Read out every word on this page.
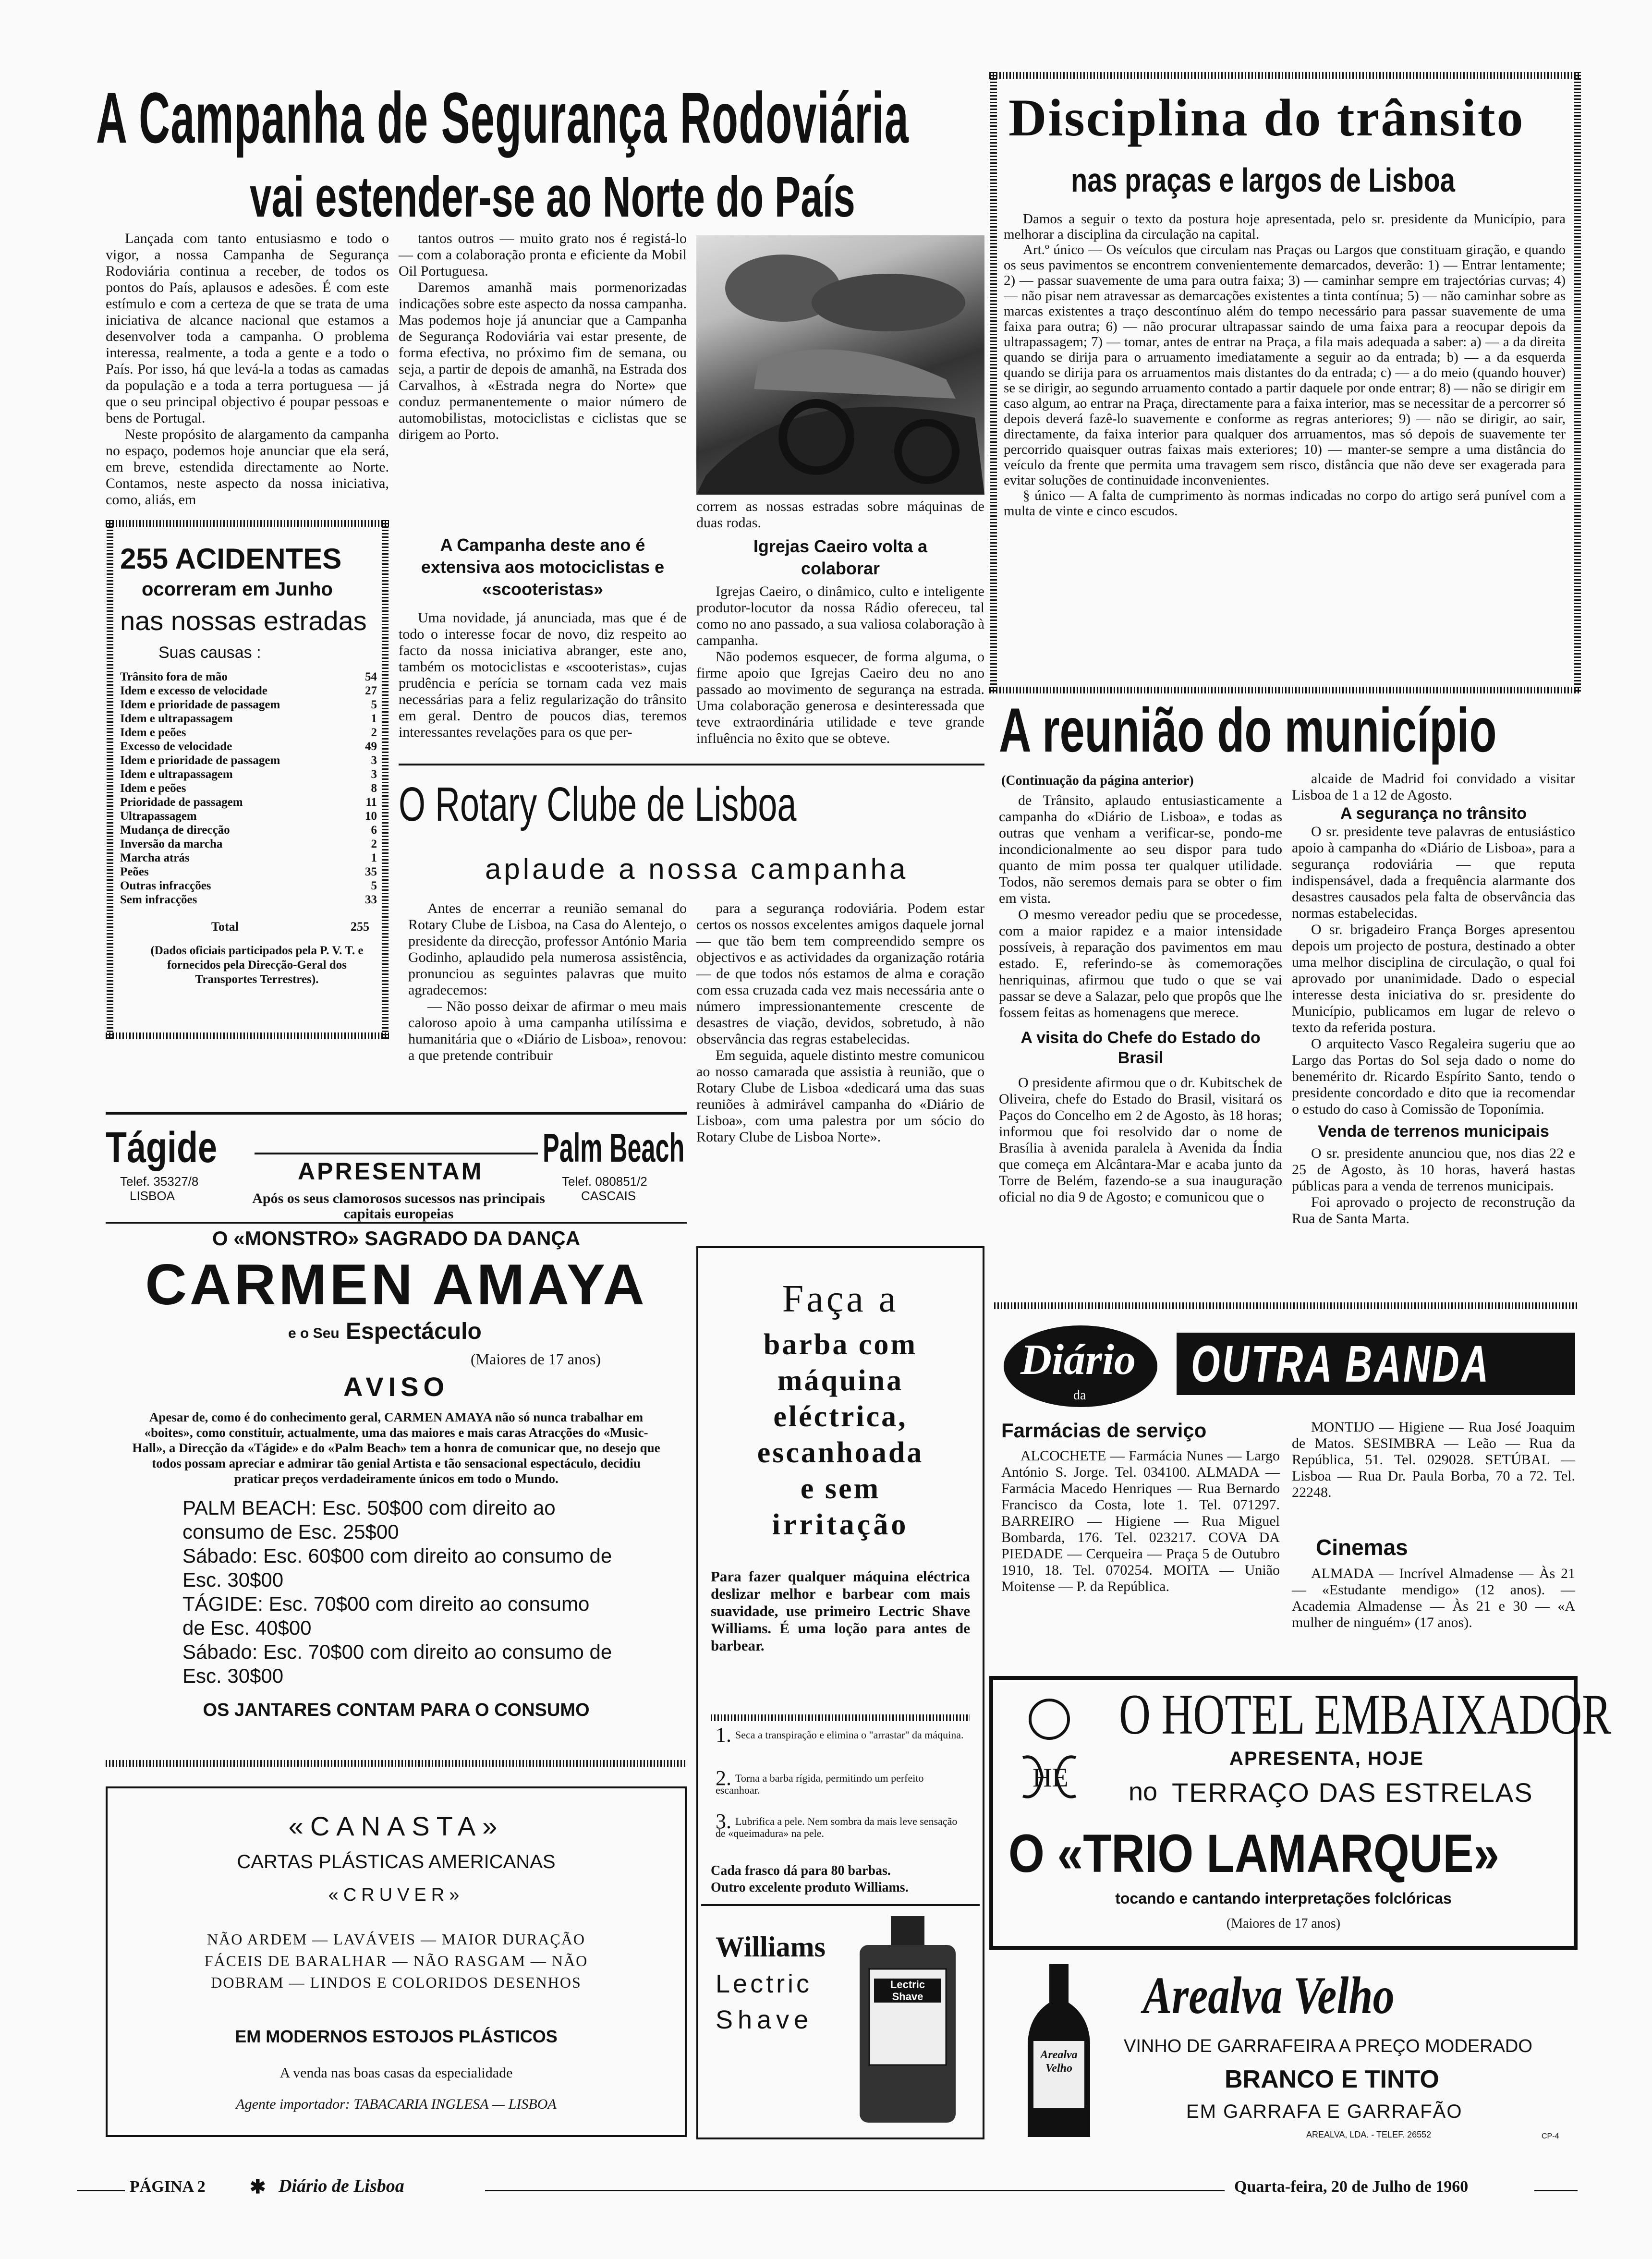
A Campanha de Segurança Rodoviária
vai estender-se ao Norte do País

Lançada com tanto entusiasmo e todo o vigor, a nossa Campanha de Segurança Rodoviária continua a receber, de todos os pontos do País, aplausos e adesões. É com este estímulo e com a certeza de que se trata de uma iniciativa de alcance nacional que estamos a desenvolver toda a campanha. O problema interessa, realmente, a toda a gente e a todo o País. Por isso, há que levá-la a todas as camadas da população e a toda a terra portuguesa — já que o seu principal objectivo é poupar pessoas e bens de Portugal.

Neste propósito de alargamento da campanha no espaço, podemos hoje anunciar que ela será, em breve, estendida directamente ao Norte. Contamos, neste aspecto da nossa iniciativa, como, aliás, em

tantos outros — muito grato nos é registá-lo — com a colaboração pronta e eficiente da Mobil Oil Portuguesa.

Daremos amanhã mais pormenorizadas indicações sobre este aspecto da nossa campanha. Mas podemos hoje já anunciar que a Campanha de Segurança Rodoviária vai estar presente, de forma efectiva, no próximo fim de semana, ou seja, a partir de depois de amanhã, na Estrada dos Carvalhos, à «Estrada negra do Norte» que conduz permanentemente o maior número de automobilistas, motociclistas e ciclistas que se dirigem ao Porto.

correm as nossas estradas sobre máquinas de duas rodas.
A Campanha deste ano é extensiva aos motociclistas e «scooteristas»

Uma novidade, já anunciada, mas que é de todo o interesse focar de novo, diz respeito ao facto da nossa iniciativa abranger, este ano, também os motociclistas e «scooteristas», cujas prudência e perícia se tornam cada vez mais necessárias para a feliz regularização do trânsito em geral. Dentro de poucos dias, teremos interessantes revelações para os que per-

Igrejas Caeiro volta a colaborar

Igrejas Caeiro, o dinâmico, culto e inteligente produtor-locutor da nossa Rádio ofereceu, tal como no ano passado, a sua valiosa colaboração à campanha.

Não podemos esquecer, de forma alguma, o firme apoio que Igrejas Caeiro deu no ano passado ao movimento de segurança na estrada. Uma colaboração generosa e desinteressada que teve extraordinária utilidade e teve grande influência no êxito que se obteve.

255 ACIDENTES
ocorreram em Junho
nas nossas estradas
Suas causas :
Trânsito fora de mão	54
Idem e excesso de velocidade	27
Idem e prioridade de passagem	5
Idem e ultrapassagem	1
Idem e peões	2
Excesso de velocidade	49
Idem e prioridade de passagem	3
Idem e ultrapassagem	3
Idem e peões	8
Prioridade de passagem	11
Ultrapassagem	10
Mudança de direcção	6
Inversão da marcha	2
Marcha atrás	1
Peões	35
Outras infracções	5
Sem infracções	33
Total	255
(Dados oficiais participados pela P. V. T. e fornecidos pela Direcção-Geral dos Transportes Terrestres).
O Rotary Clube de Lisboa
aplaude a nossa campanha

Antes de encerrar a reunião semanal do Rotary Clube de Lisboa, na Casa do Alentejo, o presidente da direcção, professor António Maria Godinho, aplaudido pela numerosa assistência, pronunciou as seguintes palavras que muito agradecemos:

— Não posso deixar de afirmar o meu mais caloroso apoio à uma campanha utilíssima e humanitária que o «Diário de Lisboa», renovou: a que pretende contribuir

para a segurança rodoviária. Podem estar certos os nossos excelentes amigos daquele jornal — que tão bem tem compreendido sempre os objectivos e as actividades da organização rotária — de que todos nós estamos de alma e coração com essa cruzada cada vez mais necessária ante o número impressionantemente crescente de desastres de viação, devidos, sobretudo, à não observância das regras estabelecidas.

Em seguida, aquele distinto mestre comunicou ao nosso camarada que assistia à reunião, que o Rotary Clube de Lisboa «dedicará uma das suas reuniões à admirável campanha do «Diário de Lisboa», com uma palestra por um sócio do Rotary Clube de Lisboa Norte».

Tágide
Telef. 35327/8
LISBOA
APRESENTAM
Após os seus clamorosos sucessos nas principais capitais europeias
Palm Beach
Telef. 080851/2
CASCAIS
O «MONSTRO» SAGRADO DA DANÇA
CARMEN AMAYA
e o Seu Espectáculo
(Maiores de 17 anos)
AVISO
Apesar de, como é do conhecimento geral, CARMEN AMAYA não só nunca trabalhar em «boites», como constituir, actualmente, uma das maiores e mais caras Atracções do «Music-Hall», a Direcção da «Tágide» e do «Palm Beach» tem a honra de comunicar que, no desejo que todos possam apreciar e admirar tão genial Artista e tão sensacional espectáculo, decidiu praticar preços verdadeiramente únicos em todo o Mundo.
PALM BEACH: Esc. 50$00 com direito ao consumo de Esc. 25$00
Sábado: Esc. 60$00 com direito ao consumo de Esc. 30$00
TÁGIDE: Esc. 70$00 com direito ao consumo de Esc. 40$00
Sábado: Esc. 70$00 com direito ao consumo de Esc. 30$00
OS JANTARES CONTAM PARA O CONSUMO
«CANASTA»
CARTAS PLÁSTICAS AMERICANAS
«CRUVER»
NÃO ARDEM — LAVÁVEIS — MAIOR DURAÇÃO
FÁCEIS DE BARALHAR — NÃO RASGAM — NÃO
DOBRAM — LINDOS E COLORIDOS DESENHOS
EM MODERNOS ESTOJOS PLÁSTICOS
A venda nas boas casas da especialidade
Agente importador: TABACARIA INGLESA — LISBOA
Faça a
barba com
máquina
eléctrica,
escanhoada
e sem
irritação
Para fazer qualquer máquina eléctrica deslizar melhor e barbear com mais suavidade, use primeiro Lectric Shave Williams. É uma loção para antes de barbear.
1. Seca a transpiração e elimina o "arrastar" da máquina.
2. Torna a barba rígida, permitindo um perfeito escanhoar.
3. Lubrifica a pele. Nem sombra da mais leve sensação de «queimadura» na pele.
Cada frasco dá para 80 barbas.
Outro excelente produto Williams.
Williams
Lectric
Shave
Lectric Shave
Disciplina do trânsito
nas praças e largos de Lisboa

Damos a seguir o texto da postura hoje apresentada, pelo sr. presidente da Município, para melhorar a disciplina da circulação na capital.

Art.º único — Os veículos que circulam nas Praças ou Largos que constituam giração, e quando os seus pavimentos se encontrem convenientemente demarcados, deverão: 1) — Entrar lentamente; 2) — passar suavemente de uma para outra faixa; 3) — caminhar sempre em trajectórias curvas; 4) — não pisar nem atravessar as demarcações existentes a tinta contínua; 5) — não caminhar sobre as marcas existentes a traço descontínuo além do tempo necessário para passar suavemente de uma faixa para outra; 6) — não procurar ultrapassar saindo de uma faixa para a reocupar depois da ultrapassagem; 7) — tomar, antes de entrar na Praça, a fila mais adequada a saber: a) — a da direita quando se dirija para o arruamento imediatamente a seguir ao da entrada; b) — a da esquerda quando se dirija para os arruamentos mais distantes do da entrada; c) — a do meio (quando houver) se se dirigir, ao segundo arruamento contado a partir daquele por onde entrar; 8) — não se dirigir em caso algum, ao entrar na Praça, directamente para a faixa interior, mas se necessitar de a percorrer só depois deverá fazê-lo suavemente e conforme as regras anteriores; 9) — não se dirigir, ao sair, directamente, da faixa interior para qualquer dos arruamentos, mas só depois de suavemente ter percorrido quaisquer outras faixas mais exteriores; 10) — manter-se sempre a uma distância do veículo da frente que permita uma travagem sem risco, distância que não deve ser exagerada para evitar soluções de continuidade inconvenientes.

§ único — A falta de cumprimento às normas indicadas no corpo do artigo será punível com a multa de vinte e cinco escudos.

A reunião do município
(Continuação da página anterior)

de Trânsito, aplaudo entusiasticamente a campanha do «Diário de Lisboa», e todas as outras que venham a verificar-se, pondo-me incondicionalmente ao seu dispor para tudo quanto de mim possa ter qualquer utilidade. Todos, não seremos demais para se obter o fim em vista.

O mesmo vereador pediu que se procedesse, com a maior rapidez e a maior intensidade possíveis, à reparação dos pavimentos em mau estado. E, referindo-se às comemorações henriquinas, afirmou que tudo o que se vai passar se deve a Salazar, pelo que propôs que lhe fossem feitas as homenagens que merece.

A visita do Chefe do Estado do Brasil

O presidente afirmou que o dr. Kubitschek de Oliveira, chefe do Estado do Brasil, visitará os Paços do Concelho em 2 de Agosto, às 18 horas; informou que foi resolvido dar o nome de Brasília à avenida paralela à Avenida da Índia que começa em Alcântara-Mar e acaba junto da Torre de Belém, fazendo-se a sua inauguração oficial no dia 9 de Agosto; e comunicou que o

alcaide de Madrid foi convidado a visitar Lisboa de 1 a 12 de Agosto.

A segurança no trânsito

O sr. presidente teve palavras de entusiástico apoio à campanha do «Diário de Lisboa», para a segurança rodoviária — que reputa indispensável, dada a frequência alarmante dos desastres causados pela falta de observância das normas estabelecidas.

O sr. brigadeiro França Borges apresentou depois um projecto de postura, destinado a obter uma melhor disciplina de circulação, o qual foi aprovado por unanimidade. Dado o especial interesse desta iniciativa do sr. presidente do Município, publicamos em lugar de relevo o texto da referida postura.

O arquitecto Vasco Regaleira sugeriu que ao Largo das Portas do Sol seja dado o nome do benemérito dr. Ricardo Espírito Santo, tendo o presidente concordado e dito que ia recomendar o estudo do caso à Comissão de Toponímia.

Venda de terrenos municipais

O sr. presidente anunciou que, nos dias 22 e 25 de Agosto, às 10 horas, haverá hastas públicas para a venda de terrenos municipais.

Foi aprovado o projecto de reconstrução da Rua de Santa Marta.

Diário
da
OUTRA BANDA
Farmácias de serviço

ALCOCHETE — Farmácia Nunes — Largo António S. Jorge. Tel. 034100. ALMADA — Farmácia Macedo Henriques — Rua Bernardo Francisco da Costa, lote 1. Tel. 071297. BARREIRO — Higiene — Rua Miguel Bombarda, 176. Tel. 023217. COVA DA PIEDADE — Cerqueira — Praça 5 de Outubro 1910, 18. Tel. 070254. MOITA — União Moitense — P. da República.

MONTIJO — Higiene — Rua José Joaquim de Matos. SESIMBRA — Leão — Rua da República, 51. Tel. 029028. SETÚBAL — Lisboa — Rua Dr. Paula Borba, 70 a 72. Tel. 22248.

Cinemas

ALMADA — Incrível Almadense — Às 21 — «Estudante mendigo» (12 anos). — Academia Almadense — Às 21 e 30 — «A mulher de ninguém» (17 anos).

O HOTEL EMBAIXADOR
HE
APRESENTA, HOJE
no TERRAÇO DAS ESTRELAS
O «TRIO LAMARQUE»
tocando e cantando interpretações folclóricas
(Maiores de 17 anos)
Arealva Velho
Arealva Velho
VINHO DE GARRAFEIRA A PREÇO MODERADO
BRANCO E TINTO
EM GARRAFA E GARRAFÃO
AREALVA, LDA. - TELEF. 26552	CP-4
PÁGINA 2 ✱ Diário de Lisboa	Quarta-feira, 20 de Julho de 1960
